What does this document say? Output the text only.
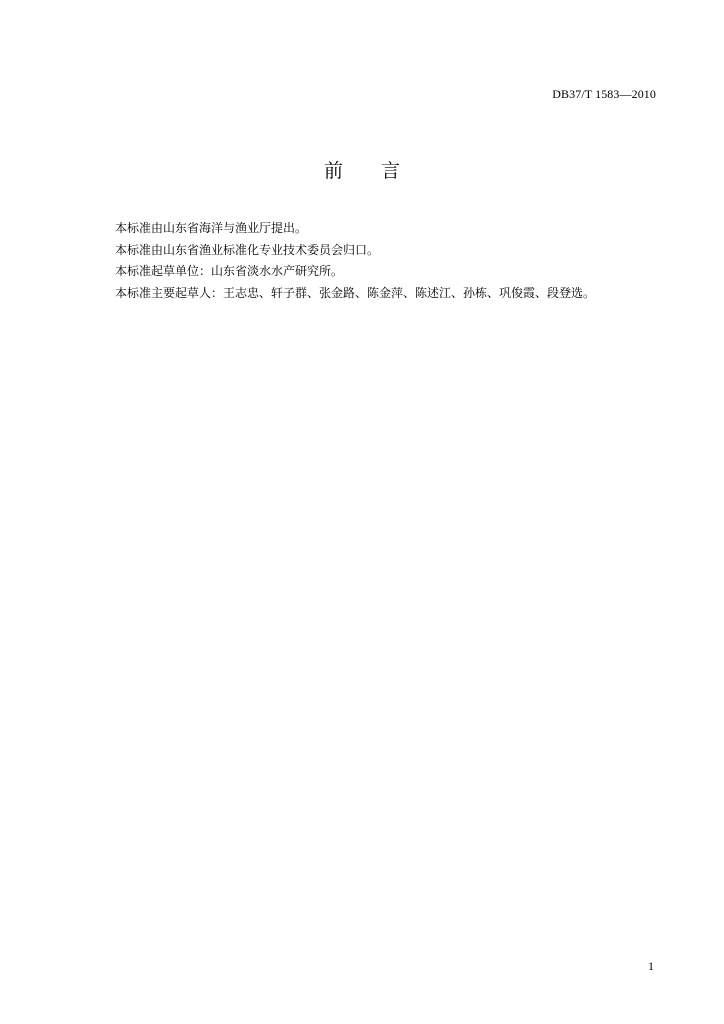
DB37/T 1583—2010
前　　言

本标准由山东省海洋与渔业厅提出。

本标准由山东省渔业标准化专业技术委员会归口。

本标准起草单位：山东省淡水水产研究所。

本标准主要起草人：王志忠、轩子群、张金路、陈金萍、陈述江、孙栋、巩俊霞、段登选。

1
